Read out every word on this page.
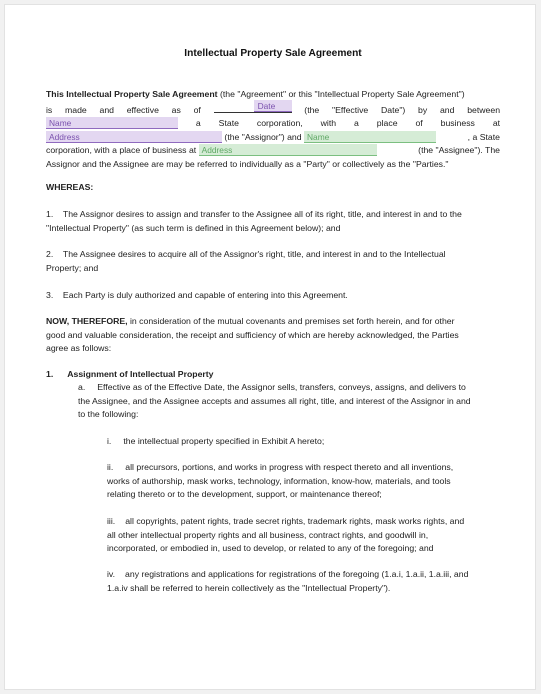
Intellectual Property Sale Agreement
This Intellectual Property Sale Agreement (the "Agreement" or this "Intellectual Property Sale Agreement")
is made and effective as of	Date	(the "Effective Date") by and between
Name	a State corporation, with a place of business at
Address	(the "Assignor") and Name	, a State
corporation, with a place of business at Address	(the "Assignee"). The
Assignor and the Assignee are may be referred to individually as a "Party" or collectively as the "Parties."
WHEREAS:
1. The Assignor desires to assign and transfer to the Assignee all of its right, title, and interest in and to the
"Intellectual Property" (as such term is defined in this Agreement below); and
2. The Assignee desires to acquire all of the Assignor's right, title, and interest in and to the Intellectual
Property; and
3. Each Party is duly authorized and capable of entering into this Agreement.
NOW, THEREFORE, in consideration of the mutual covenants and premises set forth herein, and for other
good and valuable consideration, the receipt and sufficiency of which are hereby acknowledged, the Parties
agree as follows:
1. Assignment of Intellectual Property
a. Effective as of the Effective Date, the Assignor sells, transfers, conveys, assigns, and delivers to
the Assignee, and the Assignee accepts and assumes all right, title, and interest of the Assignor in and
to the following:
i. the intellectual property specified in Exhibit A hereto;
ii. all precursors, portions, and works in progress with respect thereto and all inventions,
works of authorship, mask works, technology, information, know-how, materials, and tools
relating thereto or to the development, support, or maintenance thereof;
iii. all copyrights, patent rights, trade secret rights, trademark rights, mask works rights, and
all other intellectual property rights and all business, contract rights, and goodwill in,
incorporated, or embodied in, used to develop, or related to any of the foregoing; and
iv. any registrations and applications for registrations of the foregoing (1.a.i, 1.a.ii, 1.a.iii, and
1.a.iv shall be referred to herein collectively as the "Intellectual Property").
